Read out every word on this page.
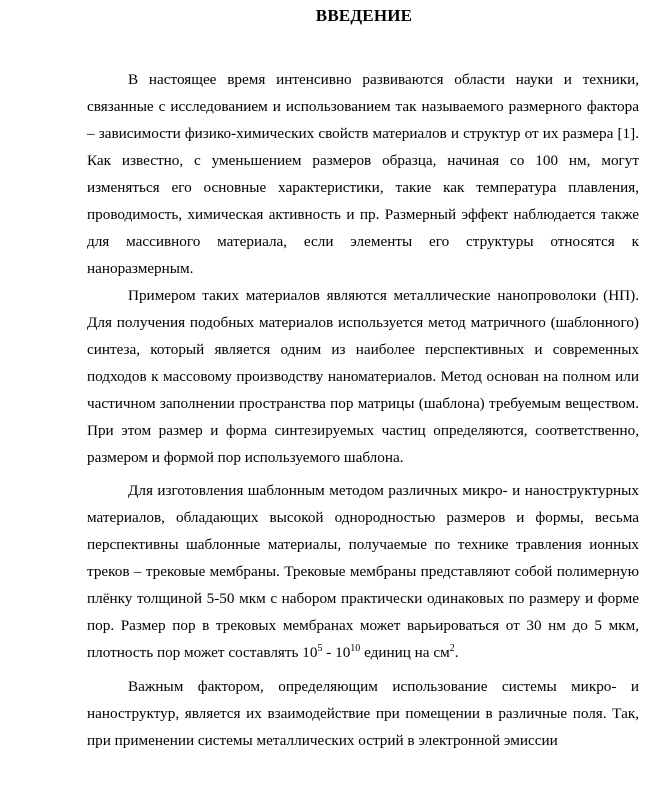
ВВЕДЕНИЕ

В настоящее время интенсивно развиваются области науки и техники, связанные с исследованием и использованием так называемого размерного фактора – зависимости физико-химических свойств материалов и структур от их размера [1]. Как известно, с уменьшением размеров образца, начиная со 100 нм, могут изменяться его основные характеристики, такие как температура плавления, проводимость, химическая активность и пр. Размерный эффект наблюдается также для массивного материала, если элементы его структуры относятся к наноразмерным.

Примером таких материалов являются металлические нанопроволоки (НП). Для получения подобных материалов используется метод матричного (шаблонного) синтеза, который является одним из наиболее перспективных и современных подходов к массовому производству наноматериалов. Метод основан на полном или частичном заполнении пространства пор матрицы (шаблона) требуемым веществом. При этом размер и форма синтезируемых частиц определяются, соответственно, размером и формой пор используемого шаблона.

Для изготовления шаблонным методом различных микро- и наноструктурных материалов, обладающих высокой однородностью размеров и формы, весьма перспективны шаблонные материалы, получаемые по технике травления ионных треков – трековые мембраны. Трековые мембраны представляют собой полимерную плёнку толщиной 5-50 мкм с набором практически одинаковых по размеру и форме пор. Размер пор в трековых мембранах может варьироваться от 30 нм до 5 мкм, плотность пор может составлять $10^5 - 10^{10}$ единиц на $см^2$.

Важным фактором, определяющим использование системы микро- и наноструктур, является их взаимодействие при помещении в различные поля. Так, при применении системы металлических острий в электронной эмиссии
